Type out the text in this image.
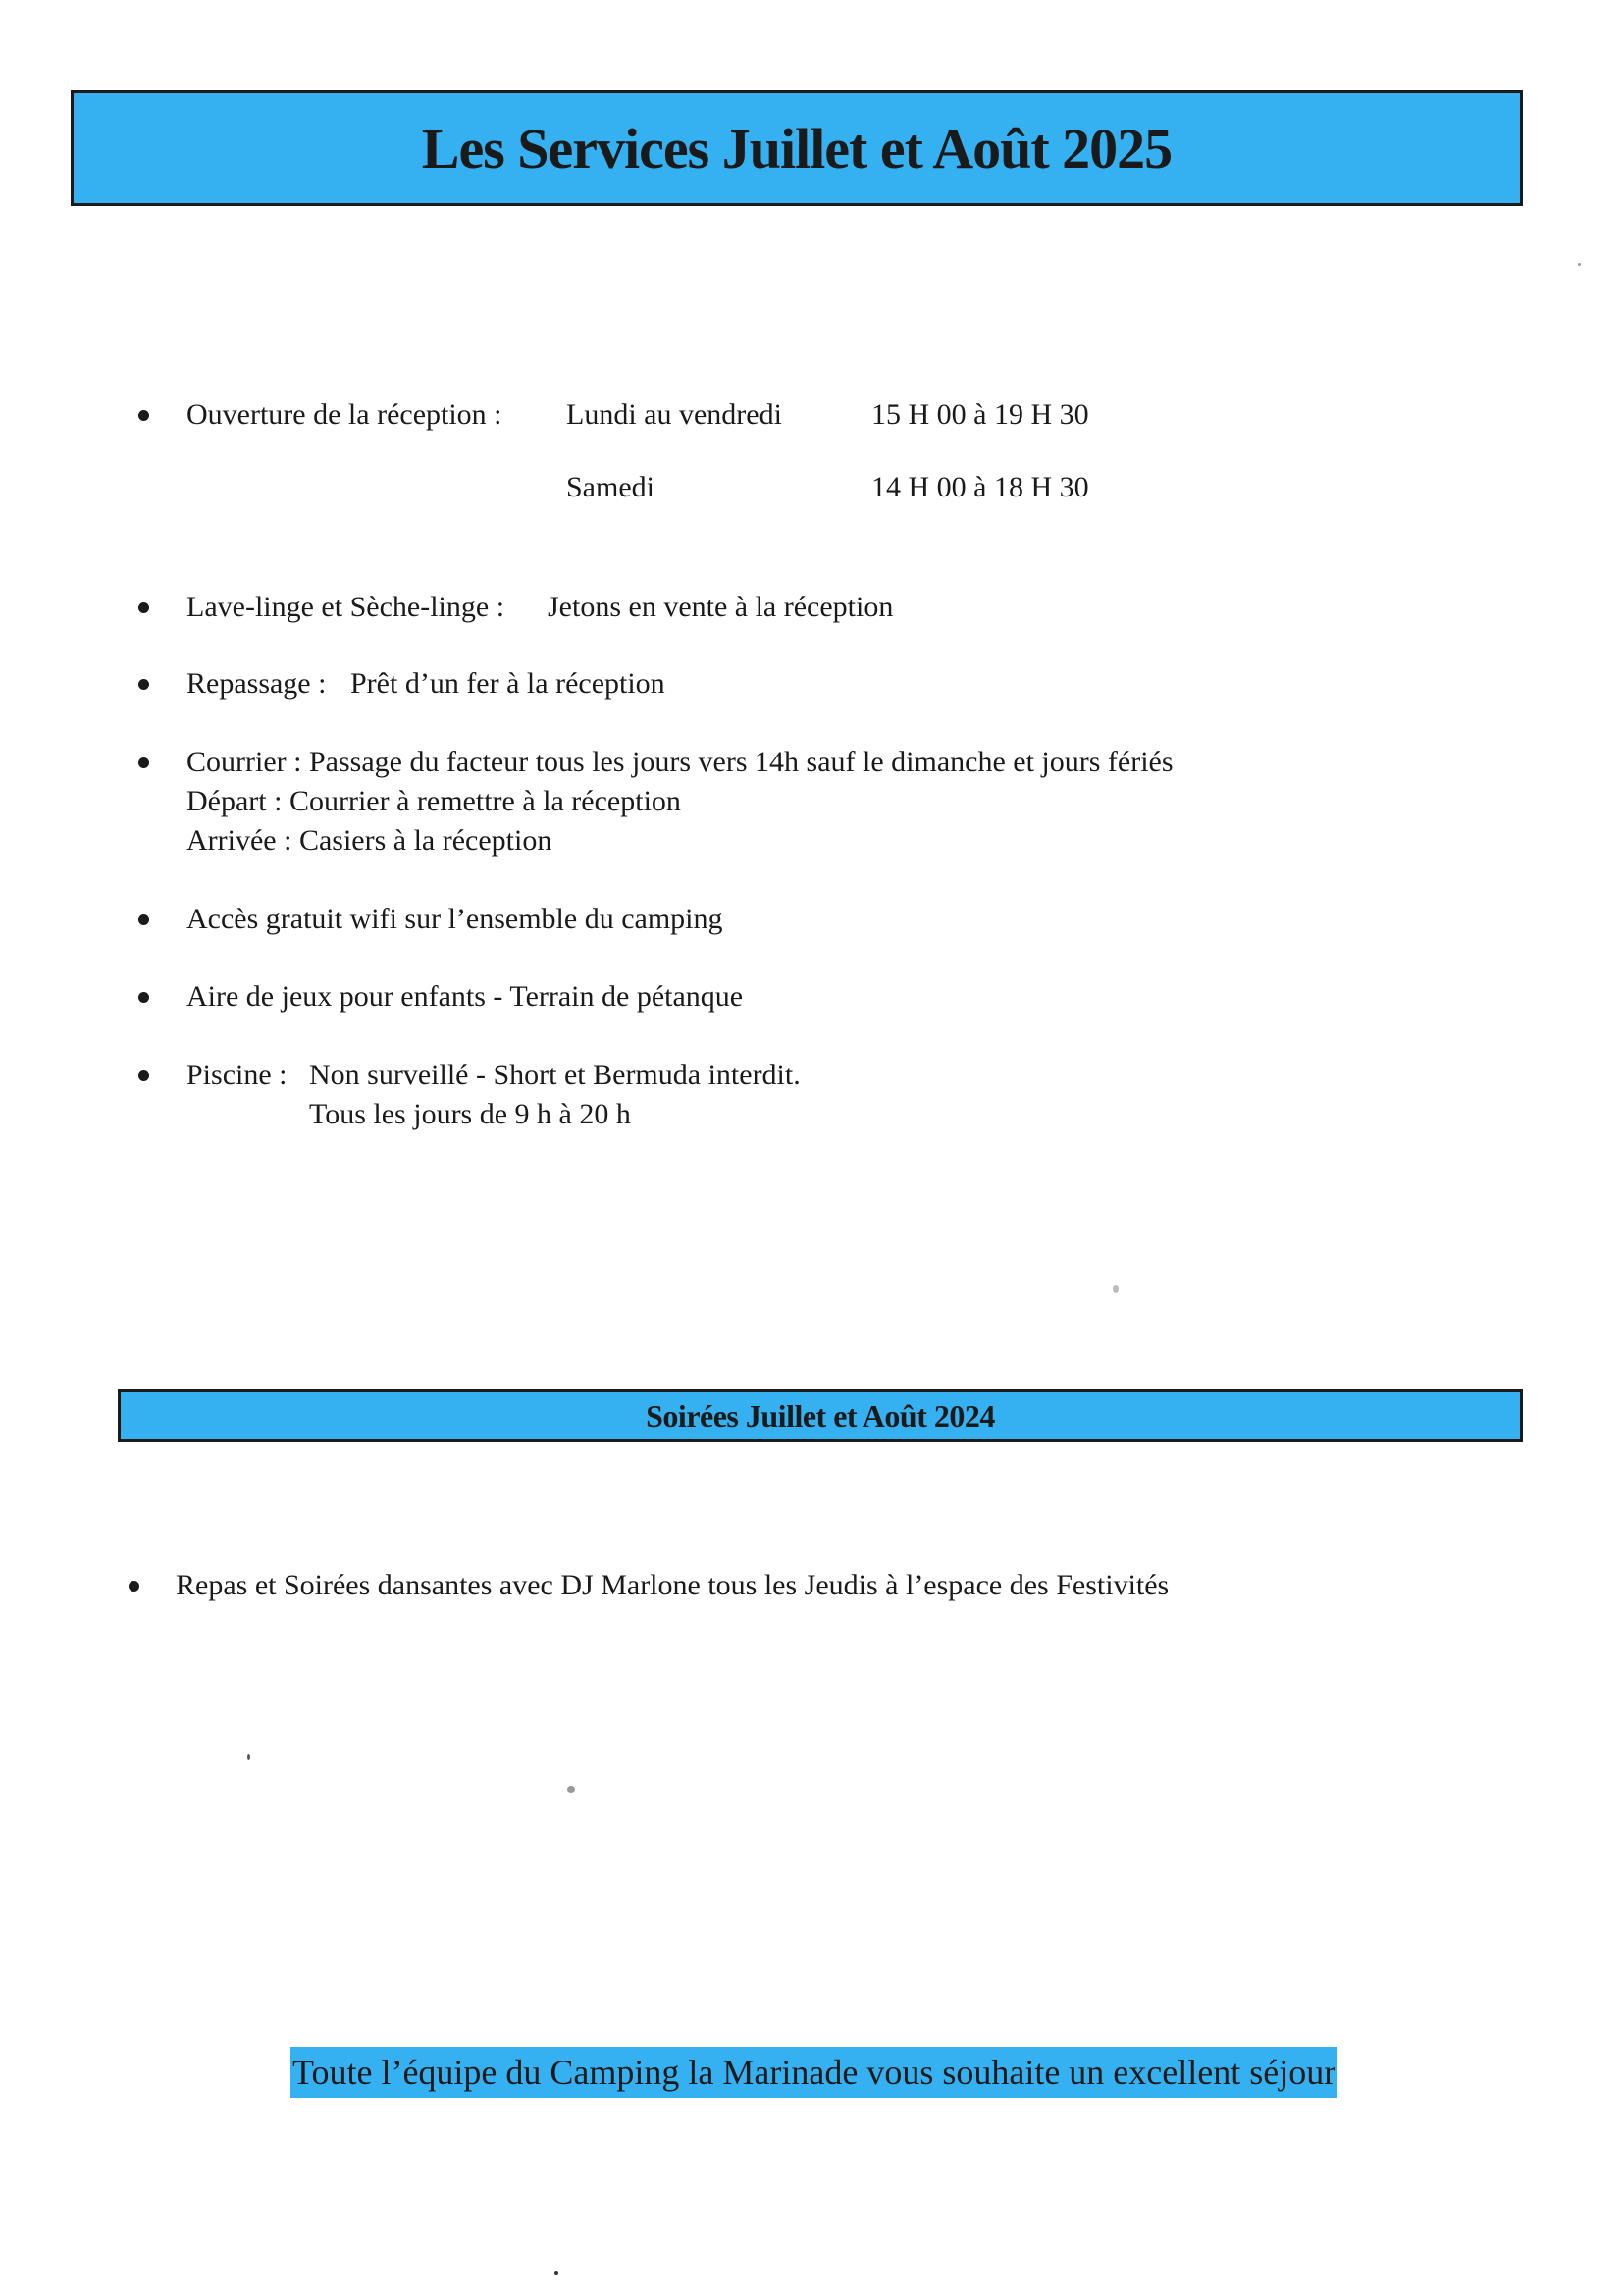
Les Services Juillet et Août 2025
Ouverture de la réception : Lundi au vendredi	15 H 00 à 19 H 30
Samedi	14 H 00 à 18 H 30
Lave-linge et Sèche-linge : Jetons en vente à la réception
Repassage : Prêt d’un fer à la réception
Courrier : Passage du facteur tous les jours vers 14h sauf le dimanche et jours fériés
Départ : Courrier à remettre à la réception
Arrivée : Casiers à la réception
Accès gratuit wifi sur l’ensemble du camping
Aire de jeux pour enfants - Terrain de pétanque
Piscine : Non surveillé - Short et Bermuda interdit.
Tous les jours de 9 h à 20 h
Soirées Juillet et Août 2024
Repas et Soirées dansantes avec DJ Marlone tous les Jeudis à l’espace des Festivités
Toute l’équipe du Camping la Marinade vous souhaite un excellent séjour
